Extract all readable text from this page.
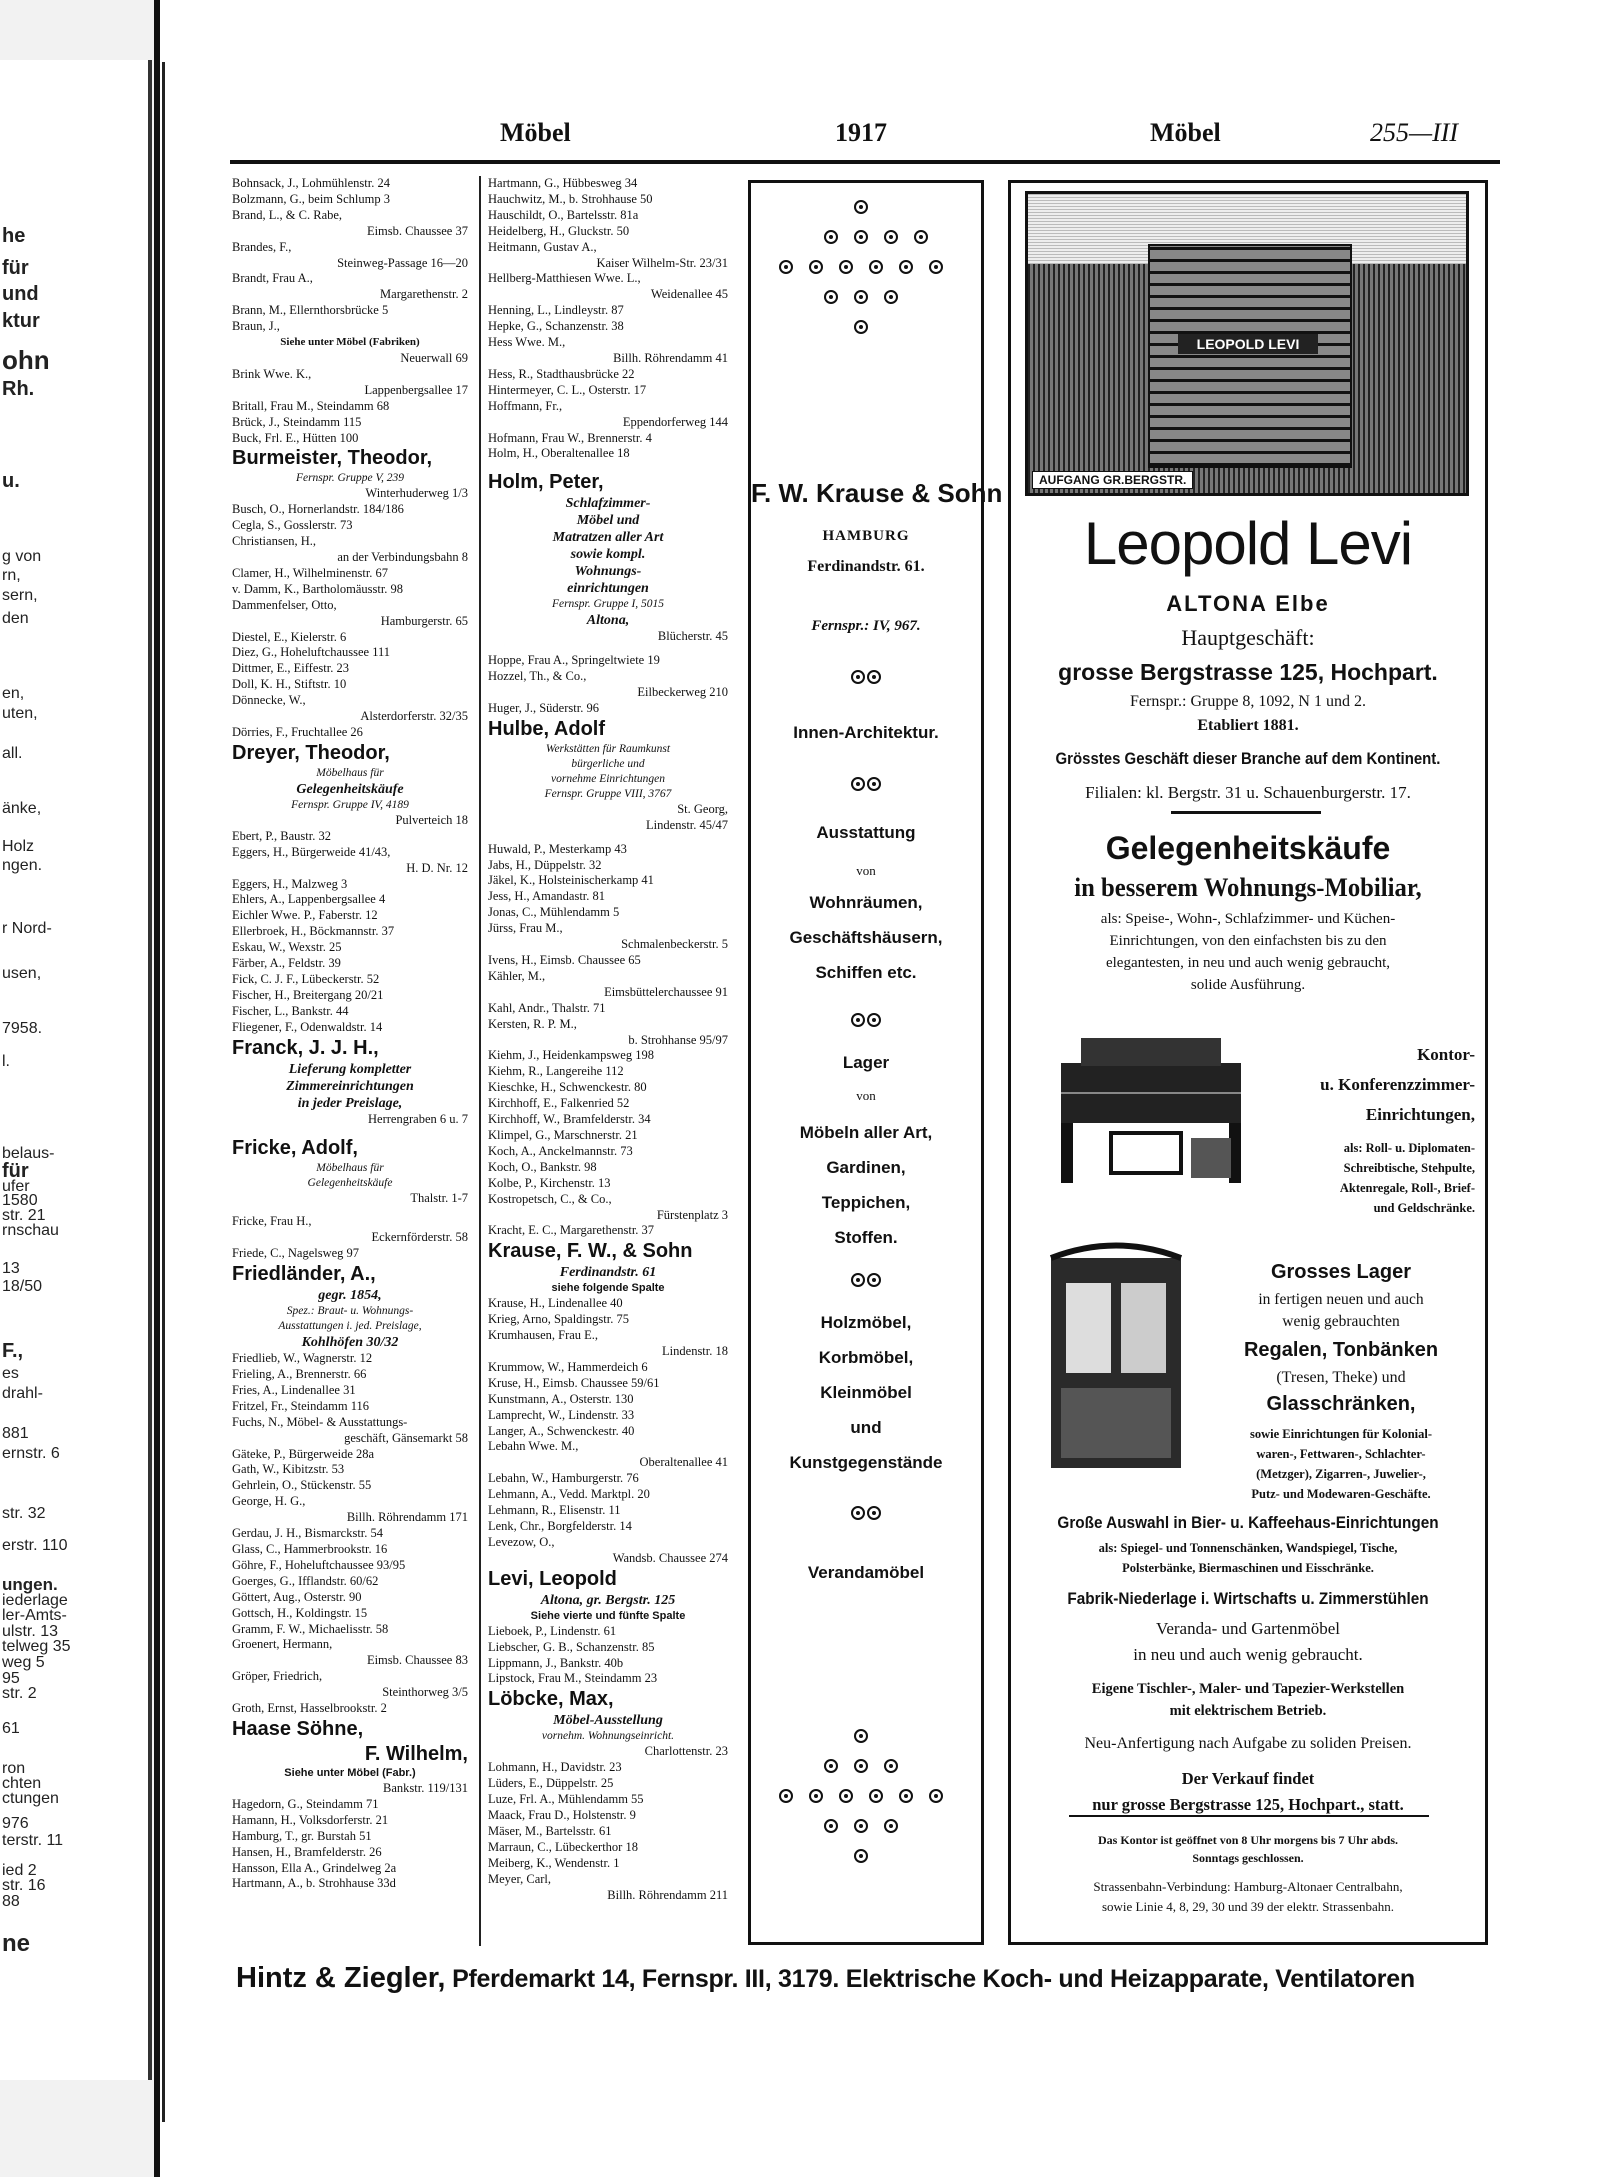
he
für
und
ktur
ohn
Rh.
u.
g von
rn,
sern,
den
en,
uten,
all.
änke,
Holz
ngen.
r Nord-
usen,
7958.
l.
belaus-
für
ufer
1580
str. 21
rnschau
13
18/50
F.,
es
drahl-
881
ernstr. 6
str. 32
erstr. 110
ungen.
iederlage
ler-Amts-
ulstr. 13
telweg 35
weg 5
95
str. 2
61
ron
chten
ctungen
976
terstr. 11
ied 2
str. 16
88
ne
Möbel	1917	Möbel	255—III
Bohnsack, J., Lohmühlenstr. 24
Bolzmann, G., beim Schlump 3
Brand, L., & C. Rabe,
Eimsb. Chaussee 37
Brandes, F.,
Steinweg-Passage 16—20
Brandt, Frau A.,
Margarethenstr. 2
Brann, M., Ellernthorsbrücke 5
Braun, J.,
Siehe unter Möbel (Fabriken)
Neuerwall 69
Brink Wwe. K.,
Lappenbergsallee 17
Britall, Frau M., Steindamm 68
Brück, J., Steindamm 115
Buck, Frl. E., Hütten 100
Burmeister, Theodor,
Fernspr. Gruppe V, 239
Winterhuderweg 1/3
Busch, O., Hornerlandstr. 184/186
Cegla, S., Gosslerstr. 73
Christiansen, H.,
an der Verbindungsbahn 8
Clamer, H., Wilhelminenstr. 67
v. Damm, K., Bartholomäusstr. 98
Dammenfelser, Otto,
Hamburgerstr. 65
Diestel, E., Kielerstr. 6
Diez, G., Hoheluftchaussee 111
Dittmer, E., Eiffestr. 23
Doll, K. H., Stiftstr. 10
Dönnecke, W.,
Alsterdorferstr. 32/35
Dörries, F., Fruchtallee 26
Dreyer, Theodor,
Möbelhaus für
Gelegenheitskäufe
Fernspr. Gruppe IV, 4189
Pulverteich 18
Ebert, P., Baustr. 32
Eggers, H., Bürgerweide 41/43,
H. D. Nr. 12
Eggers, H., Malzweg 3
Ehlers, A., Lappenbergsallee 4
Eichler Wwe. P., Faberstr. 12
Ellerbroek, H., Böckmannstr. 37
Eskau, W., Wexstr. 25
Färber, A., Feldstr. 39
Fick, C. J. F., Lübeckerstr. 52
Fischer, H., Breitergang 20/21
Fischer, L., Bankstr. 44
Fliegener, F., Odenwaldstr. 14
Franck, J. J. H.,
Lieferung kompletter
Zimmereinrichtungen
in jeder Preislage,
Herrengraben 6 u. 7
Fricke, Adolf,
Möbelhaus für
Gelegenheitskäufe
Thalstr. 1-7
Fricke, Frau H.,
Eckernförderstr. 58
Friede, C., Nagelsweg 97
Friedländer, A.,
gegr. 1854,
Spez.: Braut- u. Wohnungs-
Ausstattungen i. jed. Preislage,
Kohlhöfen 30/32
Friedlieb, W., Wagnerstr. 12
Frieling, A., Brennerstr. 66
Fries, A., Lindenallee 31
Fritzel, Fr., Steindamm 116
Fuchs, N., Möbel- & Ausstattungs-
geschäft, Gänsemarkt 58
Gäteke, P., Bürgerweide 28a
Gath, W., Kibitzstr. 53
Gehrlein, O., Stückenstr. 55
George, H. G.,
Billh. Röhrendamm 171
Gerdau, J. H., Bismarckstr. 54
Glass, C., Hammerbrookstr. 16
Göhre, F., Hoheluftchaussee 93/95
Goerges, G., Ifflandstr. 60/62
Göttert, Aug., Osterstr. 90
Gottsch, H., Koldingstr. 15
Gramm, F. W., Michaelisstr. 58
Groenert, Hermann,
Eimsb. Chaussee 83
Gröper, Friedrich,
Steinthorweg 3/5
Groth, Ernst, Hasselbrookstr. 2
Haase Söhne,
F. Wilhelm,
Siehe unter Möbel (Fabr.)
Bankstr. 119/131
Hagedorn, G., Steindamm 71
Hamann, H., Volksdorferstr. 21
Hamburg, T., gr. Burstah 51
Hansen, H., Bramfelderstr. 26
Hansson, Ella A., Grindelweg 2a
Hartmann, A., b. Strohhause 33d
Hartmann, G., Hübbesweg 34
Hauchwitz, M., b. Strohhause 50
Hauschildt, O., Bartelsstr. 81a
Heidelberg, H., Gluckstr. 50
Heitmann, Gustav A.,
Kaiser Wilhelm-Str. 23/31
Hellberg-Matthiesen Wwe. L.,
Weidenallee 45
Henning, L., Lindleystr. 87
Hepke, G., Schanzenstr. 38
Hess Wwe. M.,
Billh. Röhrendamm 41
Hess, R., Stadthausbrücke 22
Hintermeyer, C. L., Osterstr. 17
Hoffmann, Fr.,
Eppendorferweg 144
Hofmann, Frau W., Brennerstr. 4
Holm, H., Oberaltenallee 18
Holm, Peter,
Schlafzimmer-
Möbel und
Matratzen aller Art
sowie kompl.
Wohnungs-
einrichtungen
Fernspr. Gruppe I, 5015
Altona,
Blücherstr. 45
Hoppe, Frau A., Springeltwiete 19
Hozzel, Th., & Co.,
Eilbeckerweg 210
Huger, J., Süderstr. 96
Hulbe, Adolf
Werkstätten für Raumkunst
bürgerliche und
vornehme Einrichtungen
Fernspr. Gruppe VIII, 3767
St. Georg,
Lindenstr. 45/47
Huwald, P., Mesterkamp 43
Jabs, H., Düppelstr. 32
Jäkel, K., Holsteinischerkamp 41
Jess, H., Amandastr. 81
Jonas, C., Mühlendamm 5
Jürss, Frau M.,
Schmalenbeckerstr. 5
Ivens, H., Eimsb. Chaussee 65
Kähler, M.,
Eimsbüttelerchaussee 91
Kahl, Andr., Thalstr. 71
Kersten, R. P. M.,
b. Strohhanse 95/97
Kiehm, J., Heidenkampsweg 198
Kiehm, R., Langereihe 112
Kieschke, H., Schwenckestr. 80
Kirchhoff, E., Falkenried 52
Kirchhoff, W., Bramfelderstr. 34
Klimpel, G., Marschnerstr. 21
Koch, A., Anckelmannstr. 73
Koch, O., Bankstr. 98
Kolbe, P., Kirchenstr. 13
Kostropetsch, C., & Co.,
Fürstenplatz 3
Kracht, E. C., Margarethenstr. 37
Krause, F. W., & Sohn
Ferdinandstr. 61
siehe folgende Spalte
Krause, H., Lindenallee 40
Krieg, Arno, Spaldingstr. 75
Krumhausen, Frau E.,
Lindenstr. 18
Krummow, W., Hammerdeich 6
Kruse, H., Eimsb. Chaussee 59/61
Kunstmann, A., Osterstr. 130
Lamprecht, W., Lindenstr. 33
Langer, A., Schwenckestr. 40
Lebahn Wwe. M.,
Oberaltenallee 41
Lebahn, W., Hamburgerstr. 76
Lehmann, A., Vedd. Marktpl. 20
Lehmann, R., Elisenstr. 11
Lenk, Chr., Borgfelderstr. 14
Levezow, O.,
Wandsb. Chaussee 274
Levi, Leopold
Altona, gr. Bergstr. 125
Siehe vierte und fünfte Spalte
Lieboek, P., Lindenstr. 61
Liebscher, G. B., Schanzenstr. 85
Lippmann, J., Bankstr. 40b
Lipstock, Frau M., Steindamm 23
Löbcke, Max,
Möbel-Ausstellung
vornehm. Wohnungseinricht.
Charlottenstr. 23
Lohmann, H., Davidstr. 23
Lüders, E., Düppelstr. 25
Luze, Frl. A., Mühlendamm 55
Maack, Frau D., Holstenstr. 9
Mäser, M., Bartelsstr. 61
Marraun, C., Lübeckerthor 18
Meiberg, K., Wendenstr. 1
Meyer, Carl,
Billh. Röhrendamm 211
F. W. Krause & Sohn
HAMBURG
Ferdinandstr. 61.
Fernspr.: IV, 967.
Innen-Architektur.
Ausstattung
von
Wohnräumen,
Geschäftshäusern,
Schiffen etc.
Lager
von
Möbeln aller Art,
Gardinen,
Teppichen,
Stoffen.
Holzmöbel,
Korbmöbel,
Kleinmöbel
und
Kunstgegenstände
Verandamöbel
LEOPOLD LEVI
AUFGANG GR.BERGSTR.
Leopold Levi
ALTONA Elbe
Hauptgeschäft:
grosse Bergstrasse 125, Hochpart.
Fernspr.: Gruppe 8, 1092, N 1 und 2.
Etabliert 1881.
Grösstes Geschäft dieser Branche auf dem Kontinent.
Filialen: kl. Bergstr. 31 u. Schauenburgerstr. 17.
Gelegenheitskäufe
in besserem Wohnungs-Mobiliar,
als: Speise-, Wohn-, Schlafzimmer- und Küchen-
Einrichtungen, von den einfachsten bis zu den
elegantesten, in neu und auch wenig gebraucht,
solide Ausführung.
Kontor-
u. Konferenzzimmer-
Einrichtungen,
als: Roll- u. Diplomaten-
Schreibtische, Stehpulte,
Aktenregale, Roll-, Brief-
und Geldschränke.
Grosses Lager
in fertigen neuen und auch
wenig gebrauchten
Regalen, Tonbänken
(Tresen, Theke) und
Glasschränken,
sowie Einrichtungen für Kolonial-
waren-, Fettwaren-, Schlachter-
(Metzger), Zigarren-, Juwelier-,
Putz- und Modewaren-Geschäfte.
Große Auswahl in Bier- u. Kaffeehaus-Einrichtungen
als: Spiegel- und Tonnenschänken, Wandspiegel, Tische,
Polsterbänke, Biermaschinen und Eisschränke.
Fabrik-Niederlage i. Wirtschafts u. Zimmerstühlen
Veranda- und Gartenmöbel
in neu und auch wenig gebraucht.
Eigene Tischler-, Maler- und Tapezier-Werkstellen
mit elektrischem Betrieb.
Neu-Anfertigung nach Aufgabe zu soliden Preisen.
Der Verkauf findet
nur grosse Bergstrasse 125, Hochpart., statt.
Das Kontor ist geöffnet von 8 Uhr morgens bis 7 Uhr abds.
Sonntags geschlossen.
Strassenbahn-Verbindung: Hamburg-Altonaer Centralbahn,
sowie Linie 4, 8, 29, 30 und 39 der elektr. Strassenbahn.
Hintz & Ziegler, Pferdemarkt 14, Fernspr. III, 3179. Elektrische Koch- und Heizapparate, Ventilatoren
